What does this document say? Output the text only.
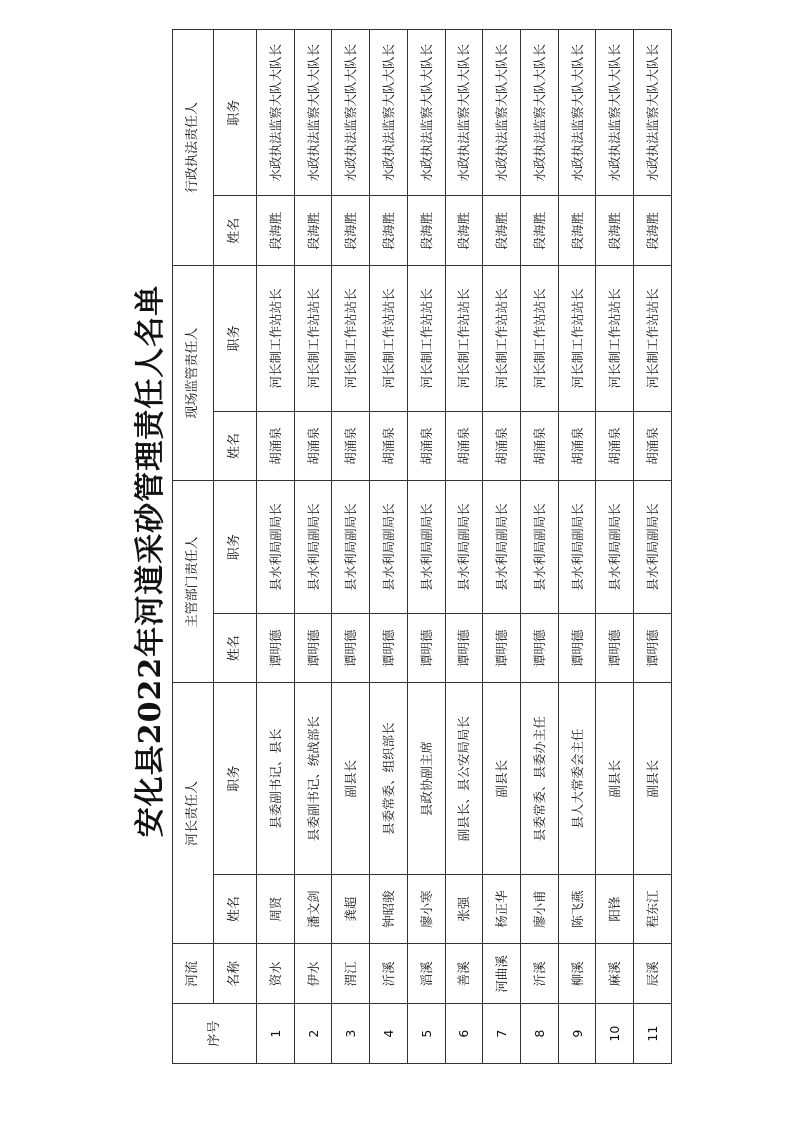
安化县2022年河道采砂管理责任人名单
序号	河流	河长责任人		主管部门责任人		现场监管责任人		行政执法责任人	
	名称	姓名	职务	姓名	职务	姓名	职务	姓名	职务
1	资水	周贤	县委副书记、县长	谭明德	县水利局副局长	胡涌泉	河长制工作站站长	段海胜	水政执法监察大队大队长
2	伊水	潘文剑	县委副书记、统战部长	谭明德	县水利局副局长	胡涌泉	河长制工作站站长	段海胜	水政执法监察大队大队长
3	渭江	龚超	副县长	谭明德	县水利局副局长	胡涌泉	河长制工作站站长	段海胜	水政执法监察大队大队长
4	沂溪	钟昭骏	县委常委、组织部长	谭明德	县水利局副局长	胡涌泉	河长制工作站站长	段海胜	水政执法监察大队大队长
5	滔溪	廖小寒	县政协副主席	谭明德	县水利局副局长	胡涌泉	河长制工作站站长	段海胜	水政执法监察大队大队长
6	善溪	张强	副县长、县公安局局长	谭明德	县水利局副局长	胡涌泉	河长制工作站站长	段海胜	水政执法监察大队大队长
7	河曲溪	杨正华	副县长	谭明德	县水利局副局长	胡涌泉	河长制工作站站长	段海胜	水政执法监察大队大队长
8	沂溪	廖小甫	县委常委、县委办主任	谭明德	县水利局副局长	胡涌泉	河长制工作站站长	段海胜	水政执法监察大队大队长
9	柳溪	陈飞燕	县人大常委会主任	谭明德	县水利局副局长	胡涌泉	河长制工作站站长	段海胜	水政执法监察大队大队长
10	麻溪	阳锋	副县长	谭明德	县水利局副局长	胡涌泉	河长制工作站站长	段海胜	水政执法监察大队大队长
11	辰溪	程东江	副县长	谭明德	县水利局副局长	胡涌泉	河长制工作站站长	段海胜	水政执法监察大队大队长
